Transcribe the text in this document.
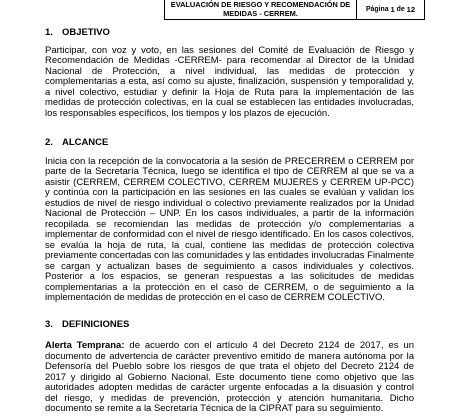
EVALUACIÓN DE RIESGO Y RECOMENDACIÓN DE
MEDIDAS - CERREM.	Página
1
de
12
1. OBJETIVO

Participar, con voz y voto, en las sesiones del Comité de Evaluación de Riesgo y Recomendación de Medidas -CERREM- para recomendar al Director de la Unidad Nacional de Protección, a nivel individual, las medidas de protección y complementarias a esta, así como su ajuste, finalización, suspensión y temporalidad y, a nivel colectivo, estudiar y definir la Hoja de Ruta para la implementación de las medidas de protección colectivas, en la cual se establecen las entidades involucradas, los responsables específicos, los tiempos y los plazos de ejecución.

2. ALCANCE

Inicia con la recepción de la convocatoria a la sesión de PRECERREM o CERREM por parte de la Secretaría Técnica, luego se identifica el tipo de CERREM al que se va a asistir (CERREM, CERREM COLECTIVO, CERREM MUJERES y CERREM UP-PCC) y continúa con la participación en las sesiones en las cuales se evalúan y validan los estudios de nivel de riesgo individual o colectivo previamente realizados por la Unidad Nacional de Protección – UNP. En los casos individuales, a partir de la información recopilada se recomiendan las medidas de protección y/o complementarias a implementar de conformidad con el nivel de riesgo identificado. En los casos colectivos, se evalúa la hoja de ruta, la cual, contiene las medidas de protección colectiva previamente concertadas con las comunidades y las entidades involucradas Finalmente se cargan y actualizan bases de seguimiento a casos individuales y colectivos. Posterior a los espacios, se generan respuestas a las solicitudes de medidas complementarias a la protección en el caso de CERREM, o de seguimiento a la implementación de medidas de protección en el caso de CERREM COLECTIVO.

3. DEFINICIONES

Alerta Temprana: de acuerdo con el artículo 4 del Decreto 2124 de 2017, es un documento de advertencia de carácter preventivo emitido de manera autónoma por la Defensoría del Pueblo sobre los riesgos de que trata el objeto del Decreto 2124 de 2017 y dirigido al Gobierno Nacional. Este documento tiene como objetivo que las autoridades adopten medidas de carácter urgente enfocadas a la disuasión y control del riesgo, y medidas de prevención, protección y atención humanitaria. Dicho documento se remite a la Secretaría Técnica de la CIPRAT para su seguimiento.
